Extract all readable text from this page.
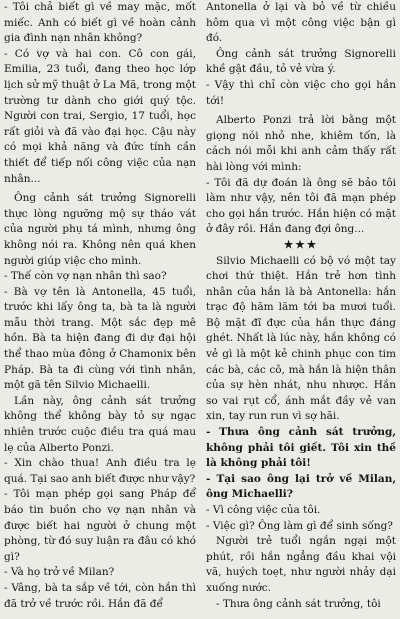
- Tôi chả biết gì về may mặc, mốt miếc. Anh có biết gì về hoàn cảnh gia đình nạn nhân không?

- Có vợ và hai con. Cô con gái, Emilia, 23 tuổi, đang theo học lớp lịch sử mỹ thuật ở La Mã, trong một trường tư dành cho giới quý tộc. Người con trai, Sergio, 17 tuổi, học rất giỏi và đã vào đại học. Cậu này có mọi khả năng và đức tính cần thiết để tiếp nối công việc của nạn nhân...

Ông cảnh sát trưởng Signorelli thực lòng ngưỡng mộ sự tháo vát của người phụ tá mình, nhưng ông không nói ra. Không nên quá khen người giúp việc cho mình.

- Thế còn vợ nạn nhân thì sao?

- Bà vợ tên là Antonella, 45 tuổi, trước khi lấy ông ta, bà ta là người mẫu thời trang. Một sắc đẹp mê hồn. Bà ta hiện đang đi dự đại hội thể thao mùa đông ở Chamonix bên Pháp. Bà ta đi cùng với tình nhân, một gã tên Silvio Michaelli.

Lần này, ông cảnh sát trưởng không thể không bày tỏ sự ngạc nhiên trước cuộc điều tra quá mau lẹ của Alberto Ponzi.

- Xin chào thua! Anh điều tra lẹ quá. Tại sao anh biết được như vậy?

- Tôi mạn phép gọi sang Pháp để báo tin buồn cho vợ nạn nhân và được biết hai người ở chung một phòng, từ đó suy luận ra đâu có khó gì?

- Và họ trở về Milan?

- Vâng, bà ta sắp về tới, còn hắn thì đã trở về trước rồi. Hắn đã để

Antonella ở lại và bỏ về từ chiều hôm qua vì một công việc bận gì đó.

Ông cảnh sát trưởng Signorelli khề gật đầu, tỏ vẻ vừa ý.

- Vậy thì chỉ còn việc cho gọi hắn tới!

Alberto Ponzi trả lời bằng một giọng nói nhỏ nhe, khiêm tốn, là cách nói mỗi khi anh cảm thấy rất hài lòng với mình:

- Tôi đã dự đoán là ông sẽ bảo tôi làm như vậy, nên tôi đã mạn phép cho gọi hắn trước. Hắn hiện có mặt ở đây rồi. Hắn đang đợi ông...

★★★

Silvio Michaelli có bộ vó một tay chơi thứ thiệt. Hắn trẻ hơn tình nhân của hắn là bà Antonella: hắn trạc độ hăm lăm tới ba mươi tuổi. Bộ mặt đĩ đực của hắn thực đáng ghét. Nhất là lúc này, hắn không có vẻ gì là một kẻ chinh phục con tim các bà, các cô, mà hắn là hiện thân của sự hèn nhát, nhu nhược. Hắn so vai rụt cổ, ánh mắt đầy vẻ van xin, tay run run vì sợ hãi.

- Thưa ông cảnh sát trưởng, không phải tôi giết. Tôi xin thề là không phải tôi!

- Tại sao ông lại trở về Milan, ông Michaelli?

- Vì công việc của tôi.

- Việc gì? Ông làm gì để sinh sống?

Người trẻ tuổi ngắn ngại một phút, rồi hắn ngẳng đầu khai vội vã, huých toẹt, như người nhảy dại xuống nước.

- Thưa ông cảnh sát trưởng, tôi
